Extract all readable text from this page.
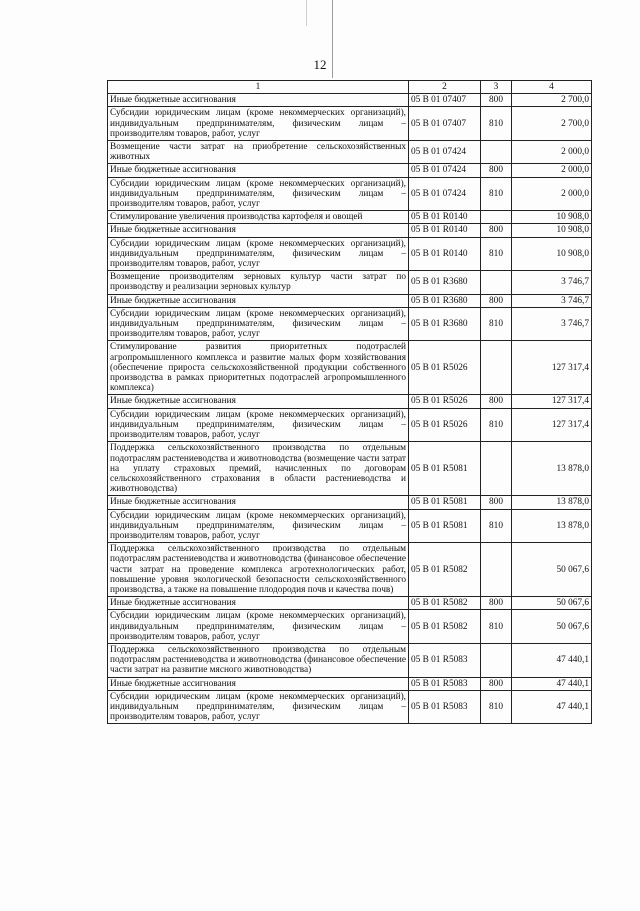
12
1	2	3	4
Иные бюджетные ассигнования	05 В 01 07407	800	2 700,0
Субсидии юридическим лицам (кроме некоммерческих организаций), индивидуальным предпринимателям, физическим лицам – производителям товаров, работ, услуг	05 В 01 07407	810	2 700,0
Возмещение части затрат на приобретение сельскохозяйственных животных	05 В 01 07424		2 000,0
Иные бюджетные ассигнования	05 В 01 07424	800	2 000,0
Субсидии юридическим лицам (кроме некоммерческих организаций), индивидуальным предпринимателям, физическим лицам – производителям товаров, работ, услуг	05 В 01 07424	810	2 000,0
Стимулирование увеличения производства картофеля и овощей	05 В 01 R0140		10 908,0
Иные бюджетные ассигнования	05 В 01 R0140	800	10 908,0
Субсидии юридическим лицам (кроме некоммерческих организаций), индивидуальным предпринимателям, физическим лицам – производителям товаров, работ, услуг	05 В 01 R0140	810	10 908,0
Возмещение производителям зерновых культур части затрат по производству и реализации зерновых культур	05 В 01 R3680		3 746,7
Иные бюджетные ассигнования	05 В 01 R3680	800	3 746,7
Субсидии юридическим лицам (кроме некоммерческих организаций), индивидуальным предпринимателям, физическим лицам – производителям товаров, работ, услуг	05 В 01 R3680	810	3 746,7
Стимулирование развития приоритетных подотраслей агропромышленного комплекса и развитие малых форм хозяйствования (обеспечение прироста сельскохозяйственной продукции собственного производства в рамках приоритетных подотраслей агропромышленного комплекса)	05 В 01 R5026		127 317,4
Иные бюджетные ассигнования	05 В 01 R5026	800	127 317,4
Субсидии юридическим лицам (кроме некоммерческих организаций), индивидуальным предпринимателям, физическим лицам – производителям товаров, работ, услуг	05 В 01 R5026	810	127 317,4
Поддержка сельскохозяйственного производства по отдельным подотраслям растениеводства и животноводства (возмещение части затрат на уплату страховых премий, начисленных по договорам сельскохозяйственного страхования в области растениеводства и животноводства)	05 В 01 R5081		13 878,0
Иные бюджетные ассигнования	05 В 01 R5081	800	13 878,0
Субсидии юридическим лицам (кроме некоммерческих организаций), индивидуальным предпринимателям, физическим лицам – производителям товаров, работ, услуг	05 В 01 R5081	810	13 878,0
Поддержка сельскохозяйственного производства по отдельным подотраслям растениеводства и животноводства (финансовое обеспечение части затрат на проведение комплекса агротехнологических работ, повышение уровня экологической безопасности сельскохозяйственного производства, а также на повышение плодородия почв и качества почв)	05 В 01 R5082		50 067,6
Иные бюджетные ассигнования	05 В 01 R5082	800	50 067,6
Субсидии юридическим лицам (кроме некоммерческих организаций), индивидуальным предпринимателям, физическим лицам – производителям товаров, работ, услуг	05 В 01 R5082	810	50 067,6
Поддержка сельскохозяйственного производства по отдельным подотраслям растениеводства и животноводства (финансовое обеспечение части затрат на развитие мясного животноводства)	05 В 01 R5083		47 440,1
Иные бюджетные ассигнования	05 В 01 R5083	800	47 440,1
Субсидии юридическим лицам (кроме некоммерческих организаций), индивидуальным предпринимателям, физическим лицам – производителям товаров, работ, услуг	05 В 01 R5083	810	47 440,1
